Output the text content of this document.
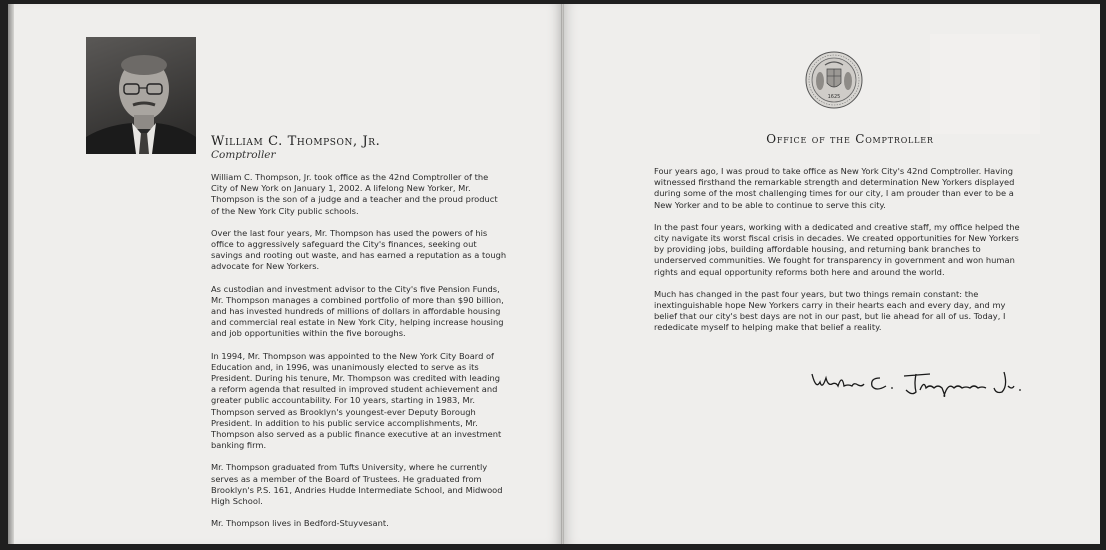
William C. Thompson, Jr.
Comptroller

William C. Thompson, Jr. took office as the 42nd Comptroller of the City of New York on January 1, 2002. A lifelong New Yorker, Mr. Thompson is the son of a judge and a teacher and the proud product of the New York City public schools.

Over the last four years, Mr. Thompson has used the powers of his office to aggressively safeguard the City's finances, seeking out savings and rooting out waste, and has earned a reputation as a tough advocate for New Yorkers.

As custodian and investment advisor to the City's five Pension Funds, Mr. Thompson manages a combined portfolio of more than $90 billion, and has invested hundreds of millions of dollars in affordable housing and commercial real estate in New York City, helping increase housing and job opportunities within the five boroughs.

In 1994, Mr. Thompson was appointed to the New York City Board of Education and, in 1996, was unanimously elected to serve as its President. During his tenure, Mr. Thompson was credited with leading a reform agenda that resulted in improved student achievement and greater public accountability. For 10 years, starting in 1983, Mr. Thompson served as Brooklyn's youngest-ever Deputy Borough President. In addition to his public service accomplishments, Mr. Thompson also served as a public finance executive at an investment banking firm.

Mr. Thompson graduated from Tufts University, where he currently serves as a member of the Board of Trustees. He graduated from Brooklyn's P.S. 161, Andries Hudde Intermediate School, and Midwood High School.

Mr. Thompson lives in Bedford-Stuyvesant.

1625
Office of the Comptroller

Four years ago, I was proud to take office as New York City's 42nd Comptroller. Having witnessed firsthand the remarkable strength and determination New Yorkers displayed during some of the most challenging times for our city, I am prouder than ever to be a New Yorker and to be able to continue to serve this city.

In the past four years, working with a dedicated and creative staff, my office helped the city navigate its worst fiscal crisis in decades. We created opportunities for New Yorkers by providing jobs, building affordable housing, and returning bank branches to underserved communities. We fought for transparency in government and won human rights and equal opportunity reforms both here and around the world.

Much has changed in the past four years, but two things remain constant: the inextinguishable hope New Yorkers carry in their hearts each and every day, and my belief that our city's best days are not in our past, but lie ahead for all of us. Today, I rededicate myself to helping make that belief a reality.
